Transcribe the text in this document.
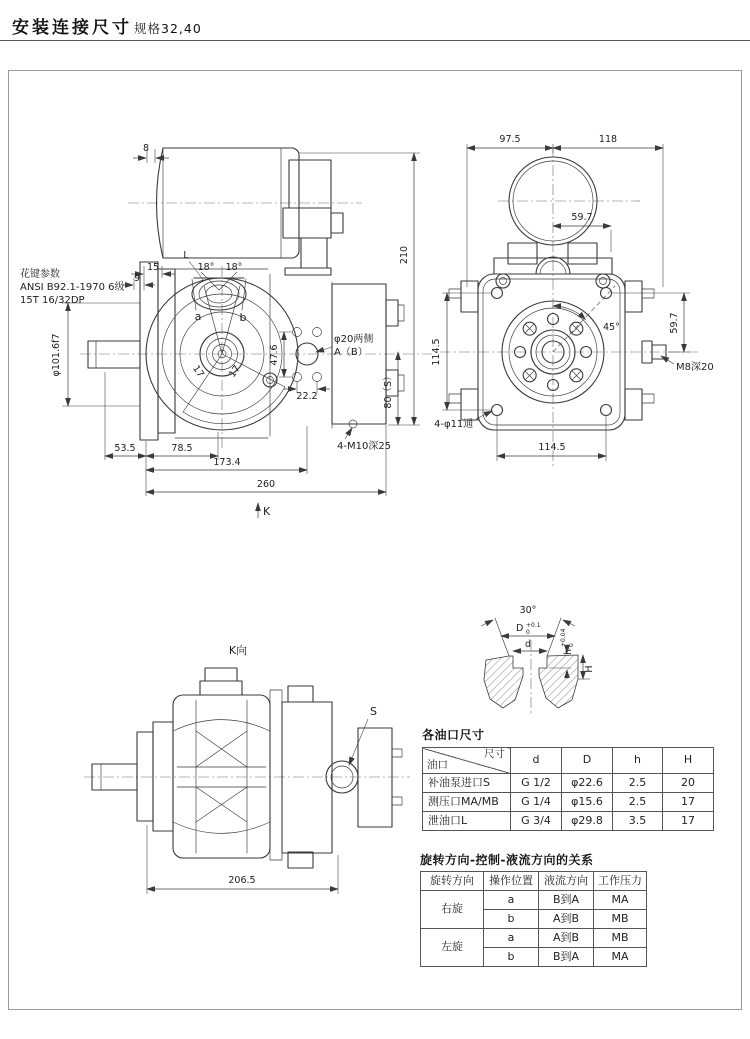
安装连接尺寸 规格32,40
8
210
L
18° 18°
15
9
φ101.6f7
花键参数
ANSI B92.1-1970 6级
15T 16/32DP
a	b
17 17
47.6
φ20两侧
A（B）
22.2	80（S）
4-M10深25
53.5	78.5
173.4
260
K
97.5	118
59.7
M8深20
45°
114.5
59.7
4-φ11通
114.5
K向
S
206.5
30°
D +0.1
0
d
h
+0.04 0
H
各油口尺寸
尺寸
油口	d	D	h	H
补油泵进口S	G 1/2	φ22.6	2.5	20
测压口MA/MB	G 1/4	φ15.6	2.5	17
泄油口L	G 3/4	φ29.8	3.5	17
旋转方向-控制-液流方向的关系
旋转方向	操作位置	液流方向	工作压力
右旋	a	B到A	MA
	b	A到B	MB
左旋	a	A到B	MB
	b	B到A	MA
